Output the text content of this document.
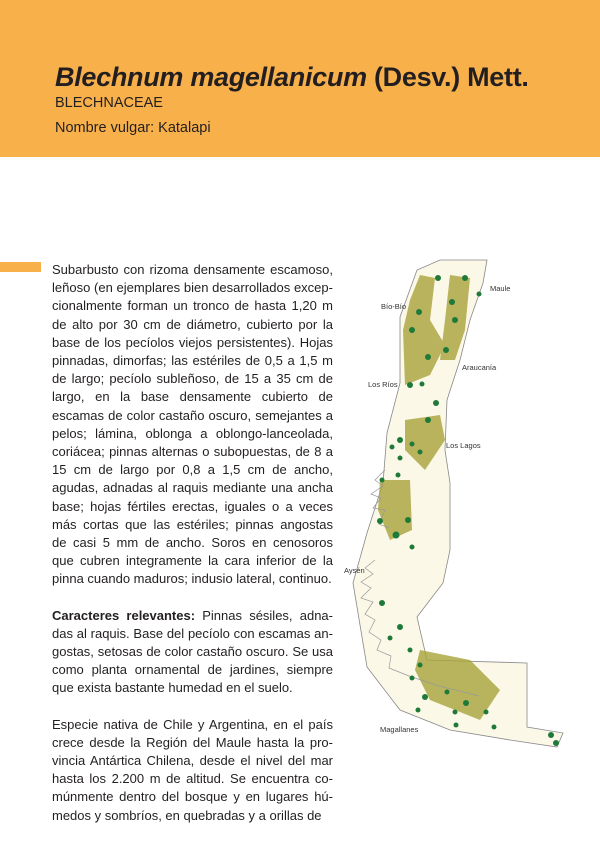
Blechnum magellanicum (Desv.) Mett.
BLECHNACEAE
Nombre vulgar: Katalapi

Subarbusto con rizoma densamente escamoso, leñoso (en ejemplares bien desarrollados excepcionalmente forman un tronco de hasta 1,20 m de alto por 30 cm de diámetro, cubierto por la base de los pecíolos viejos persistentes). Hojas pinnadas, dimorfas; las estériles de 0,5 a 1,5 m de largo; pecíolo subleñoso, de 15 a 35 cm de largo, en la base densamente cubierto de escamas de color castaño oscuro, semejantes a pelos; lámina, oblonga a oblongo-lanceolada, coriácea; pinnas alternas o subopuestas, de 8 a 15 cm de largo por 0,8 a 1,5 cm de ancho, agudas, adnadas al raquis mediante una ancha base; hojas fértiles erectas, iguales o a veces más cortas que las estériles; pinnas angostas de casi 5 mm de ancho. Soros en cenosoros que cubren integramente la cara inferior de la pinna cuando maduros; indusio lateral, continuo.

Caracteres relevantes: Pinnas sésiles, adnadas al raquis. Base del pecíolo con escamas angostas, setosas de color castaño oscuro. Se usa como planta ornamental de jardines, siempre que exista bastante humedad en el suelo.

Especie nativa de Chile y Argentina, en el país crece desde la Región del Maule hasta la provincia Antártica Chilena, desde el nivel del mar hasta los 2.200 m de altitud. Se encuentra comúnmente dentro del bosque y en lugares húmedos y sombríos, en quebradas y a orillas de

Maule
Bío-Bío
Araucanía
Los Ríos
Los Lagos
Aysén
Magallanes
